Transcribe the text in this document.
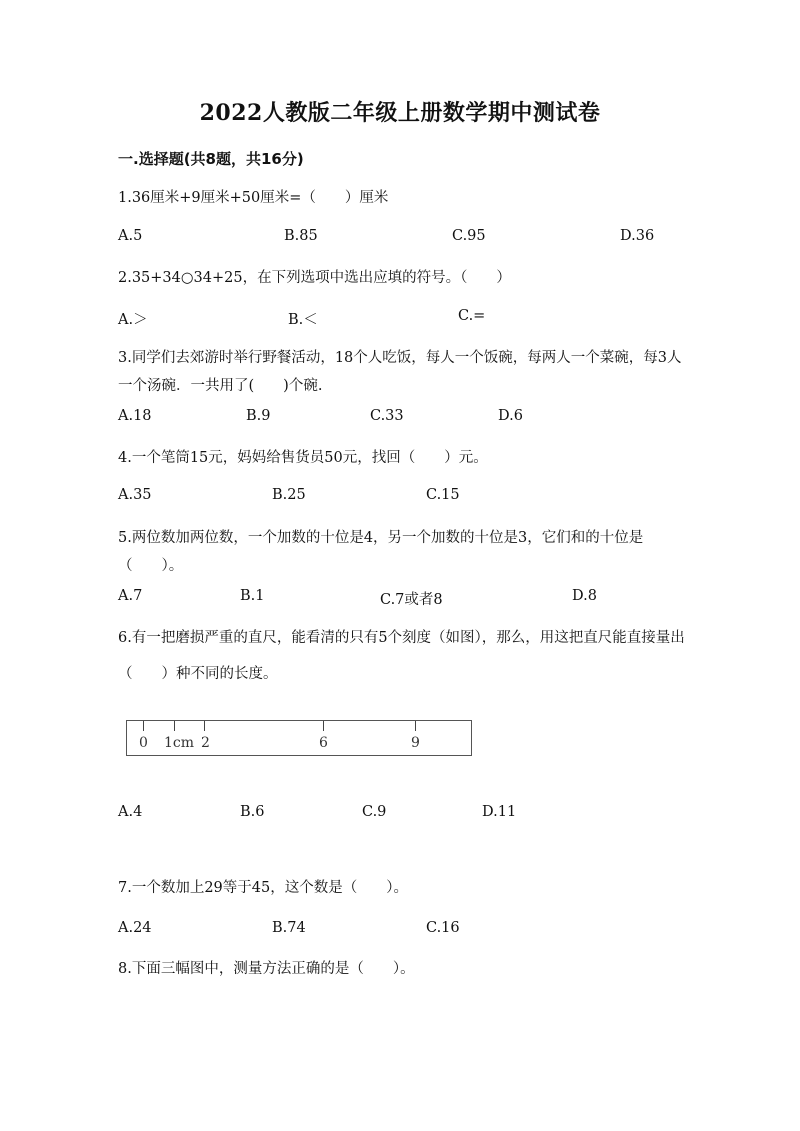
2022人教版二年级上册数学期中测试卷
一.选择题(共8题，共16分)
1.36厘米+9厘米+50厘米=（　　）厘米
A.5	B.85	C.95	D.36
2.35+34○34+25，在下列选项中选出应填的符号。（　　）
A.＞	B.＜	C.=
3.同学们去郊游时举行野餐活动，18个人吃饭，每人一个饭碗，每两人一个菜碗，每3人一个汤碗．一共用了(　　)个碗.
A.18	B.9	C.33	D.6
4.一个笔筒15元，妈妈给售货员50元，找回（　　）元。
A.35	B.25	C.15
5.两位数加两位数，一个加数的十位是4，另一个加数的十位是3，它们和的十位是（　　）。
A.7	B.1	C.7或者8	D.8
6.有一把磨损严重的直尺，能看清的只有5个刻度（如图），那么，用这把直尺能直接量出（　　）种不同的长度。
0 1cm 2	6	9
A.4	B.6	C.9	D.11
7.一个数加上29等于45，这个数是（　　）。
A.24	B.74	C.16
8.下面三幅图中，测量方法正确的是（　　）。
